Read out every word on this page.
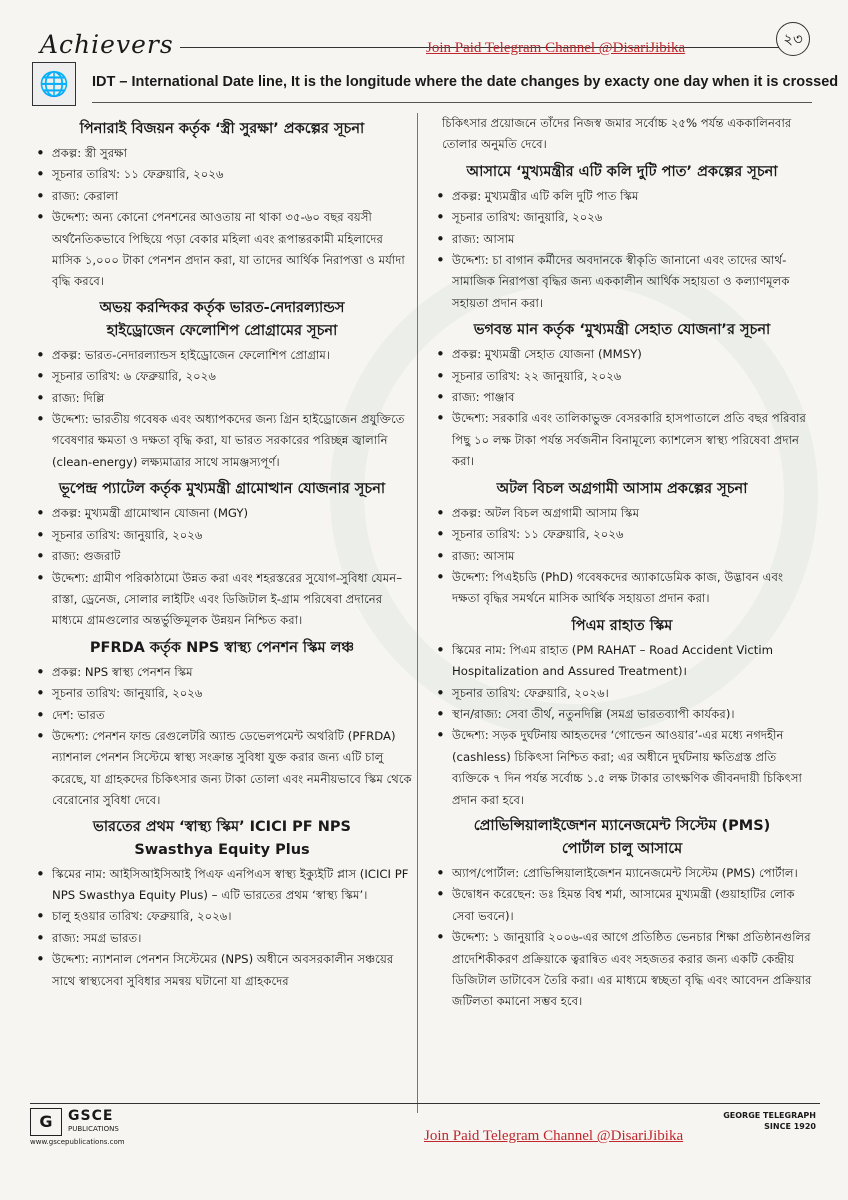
Achievers	২৩
Join Paid Telegram Channel @DisariJibika
🌐	IDT – International Date line, It is the longitude where the date changes by exacty one day when it is crossed
পিনারাই বিজয়ন কর্তৃক ‘স্ত্রী সুরক্ষা’ প্রকল্পের সূচনা
• প্রকল্প: স্ত্রী সুরক্ষা
• সূচনার তারিখ: ১১ ফেব্রুয়ারি, ২০২৬
• রাজ্য: কেরালা
• উদ্দেশ্য: অন্য কোনো পেনশনের আওতায় না থাকা ৩৫-৬০ বছর বয়সী অর্থনৈতিকভাবে পিছিয়ে পড়া বেকার মহিলা এবং রূপান্তরকামী মহিলাদের মাসিক ১,০০০ টাকা পেনশন প্রদান করা, যা তাদের আর্থিক নিরাপত্তা ও মর্যাদা বৃদ্ধি করবে।
অভয় করন্দিকর কর্তৃক ভারত-নেদারল্যান্ডস
হাইড্রোজেন ফেলোশিপ প্রোগ্রামের সূচনা
• প্রকল্প: ভারত-নেদারল্যান্ডস হাইড্রোজেন ফেলোশিপ প্রোগ্রাম।
• সূচনার তারিখ: ৬ ফেব্রুয়ারি, ২০২৬
• রাজ্য: দিল্লি
• উদ্দেশ্য: ভারতীয় গবেষক এবং অধ্যাপকদের জন্য গ্রিন হাইড্রোজেন প্রযুক্তিতে গবেষণার ক্ষমতা ও দক্ষতা বৃদ্ধি করা, যা ভারত সরকারের পরিচ্ছন্ন জ্বালানি (clean-energy) লক্ষ্যমাত্রার সাথে সামঞ্জস্যপূর্ণ।
ভূপেন্দ্র প্যাটেল কর্তৃক মুখ্যমন্ত্রী গ্রামোত্থান যোজনার সূচনা
• প্রকল্প: মুখ্যমন্ত্রী গ্রামোত্থান যোজনা (MGY)
• সূচনার তারিখ: জানুয়ারি, ২০২৬
• রাজ্য: গুজরাট
• উদ্দেশ্য: গ্রামীণ পরিকাঠামো উন্নত করা এবং শহরস্তরের সুযোগ-সুবিধা যেমন– রাস্তা, ড্রেনেজ, সোলার লাইটিং এবং ডিজিটাল ই-গ্রাম পরিষেবা প্রদানের মাধ্যমে গ্রামগুলোর অন্তর্ভুক্তিমূলক উন্নয়ন নিশ্চিত করা।
PFRDA কর্তৃক NPS স্বাস্থ্য পেনশন স্কিম লঞ্চ
• প্রকল্প: NPS স্বাস্থ্য পেনশন স্কিম
• সূচনার তারিখ: জানুয়ারি, ২০২৬
• দেশ: ভারত
• উদ্দেশ্য: পেনশন ফান্ড রেগুলেটরি অ্যান্ড ডেভেলপমেন্ট অথরিটি (PFRDA) ন্যাশনাল পেনশন সিস্টেমে স্বাস্থ্য সংক্রান্ত সুবিধা যুক্ত করার জন্য এটি চালু করেছে, যা গ্রাহকদের চিকিৎসার জন্য টাকা তোলা এবং নমনীয়ভাবে স্কিম থেকে বেরোনোর সুবিধা দেবে।
ভারতের প্রথম ‘স্বাস্থ্য স্কিম’ ICICI PF NPS
Swasthya Equity Plus
• স্কিমের নাম: আইসিআইসিআই পিএফ এনপিএস স্বাস্থ্য ইক্যুইটি প্লাস (ICICI PF NPS Swasthya Equity Plus) – এটি ভারতের প্রথম ‘স্বাস্থ্য স্কিম’।
• চালু হওয়ার তারিখ: ফেব্রুয়ারি, ২০২৬।
• রাজ্য: সমগ্র ভারত।
• উদ্দেশ্য: ন্যাশনাল পেনশন সিস্টেমের (NPS) অধীনে অবসরকালীন সঞ্চয়ের সাথে স্বাস্থ্যসেবা সুবিধার সমন্বয় ঘটানো যা গ্রাহকদের

চিকিৎসার প্রয়োজনে তাঁদের নিজস্ব জমার সর্বোচ্চ ২৫% পর্যন্ত এককালিনবার তোলার অনুমতি দেবে।

আসামে ‘মুখ্যমন্ত্রীর এটি কলি দুটি পাত’ প্রকল্পের সূচনা
• প্রকল্প: মুখ্যমন্ত্রীর এটি কলি দুটি পাত স্কিম
• সূচনার তারিখ: জানুয়ারি, ২০২৬
• রাজ্য: আসাম
• উদ্দেশ্য: চা বাগান কর্মীদের অবদানকে স্বীকৃতি জানানো এবং তাদের আর্থ-সামাজিক নিরাপত্তা বৃদ্ধির জন্য এককালীন আর্থিক সহায়তা ও কল্যাণমূলক সহায়তা প্রদান করা।
ভগবন্ত মান কর্তৃক ‘মুখ্যমন্ত্রী সেহাত যোজনা’র সূচনা
• প্রকল্প: মুখ্যমন্ত্রী সেহাত যোজনা (MMSY)
• সূচনার তারিখ: ২২ জানুয়ারি, ২০২৬
• রাজ্য: পাঞ্জাব
• উদ্দেশ্য: সরকারি এবং তালিকাভুক্ত বেসরকারি হাসপাতালে প্রতি বছর পরিবার পিছু ১০ লক্ষ টাকা পর্যন্ত সর্বজনীন বিনামূল্যে ক্যাশলেস স্বাস্থ্য পরিষেবা প্রদান করা।
অটল বিচল অগ্রগামী আসাম প্রকল্পের সূচনা
• প্রকল্প: অটল বিচল অগ্রগামী আসাম স্কিম
• সূচনার তারিখ: ১১ ফেব্রুয়ারি, ২০২৬
• রাজ্য: আসাম
• উদ্দেশ্য: পিএইচডি (PhD) গবেষকদের অ্যাকাডেমিক কাজ, উদ্ভাবন এবং দক্ষতা বৃদ্ধির সমর্থনে মাসিক আর্থিক সহায়তা প্রদান করা।
পিএম রাহাত স্কিম
• স্কিমের নাম: পিএম রাহাত (PM RAHAT – Road Accident Victim Hospitalization and Assured Treatment)।
• সূচনার তারিখ: ফেব্রুয়ারি, ২০২৬।
• স্থান/রাজ্য: সেবা তীর্থ, নতুনদিল্লি (সমগ্র ভারতব্যাপী কার্যকর)।
• উদ্দেশ্য: সড়ক দুর্ঘটনায় আহতদের ‘গোল্ডেন আওয়ার’-এর মধ্যে নগদহীন (cashless) চিকিৎসা নিশ্চিত করা; এর অধীনে দুর্ঘটনায় ক্ষতিগ্রস্ত প্রতি ব্যক্তিকে ৭ দিন পর্যন্ত সর্বোচ্চ ১.৫ লক্ষ টাকার তাৎক্ষণিক জীবনদায়ী চিকিৎসা প্রদান করা হবে।
প্রোভিন্সিয়ালাইজেশন ম্যানেজমেন্ট সিস্টেম (PMS)
পোর্টাল চালু আসামে
• অ্যাপ/পোর্টাল: প্রোভিন্সিয়ালাইজেশন ম্যানেজমেন্ট সিস্টেম (PMS) পোর্টাল।
• উদ্বোধন করেছেন: ডঃ হিমন্ত বিশ্ব শর্মা, আসামের মুখ্যমন্ত্রী (গুয়াহাটির লোক সেবা ভবনে)।
• উদ্দেশ্য: ১ জানুয়ারি ২০০৬-এর আগে প্রতিষ্ঠিত ভেনচার শিক্ষা প্রতিষ্ঠানগুলির প্রাদেশিকীকরণ প্রক্রিয়াকে ত্বরান্বিত এবং সহজতর করার জন্য একটি কেন্দ্রীয় ডিজিটাল ডাটাবেস তৈরি করা। এর মাধ্যমে স্বচ্ছতা বৃদ্ধি এবং আবেদন প্রক্রিয়ার জটিলতা কমানো সম্ভব হবে।
G	GSCE
PUBLICATIONS
www.gscepublications.com
GEORGE TELEGRAPH
SINCE 1920
Join Paid Telegram Channel @DisariJibika
